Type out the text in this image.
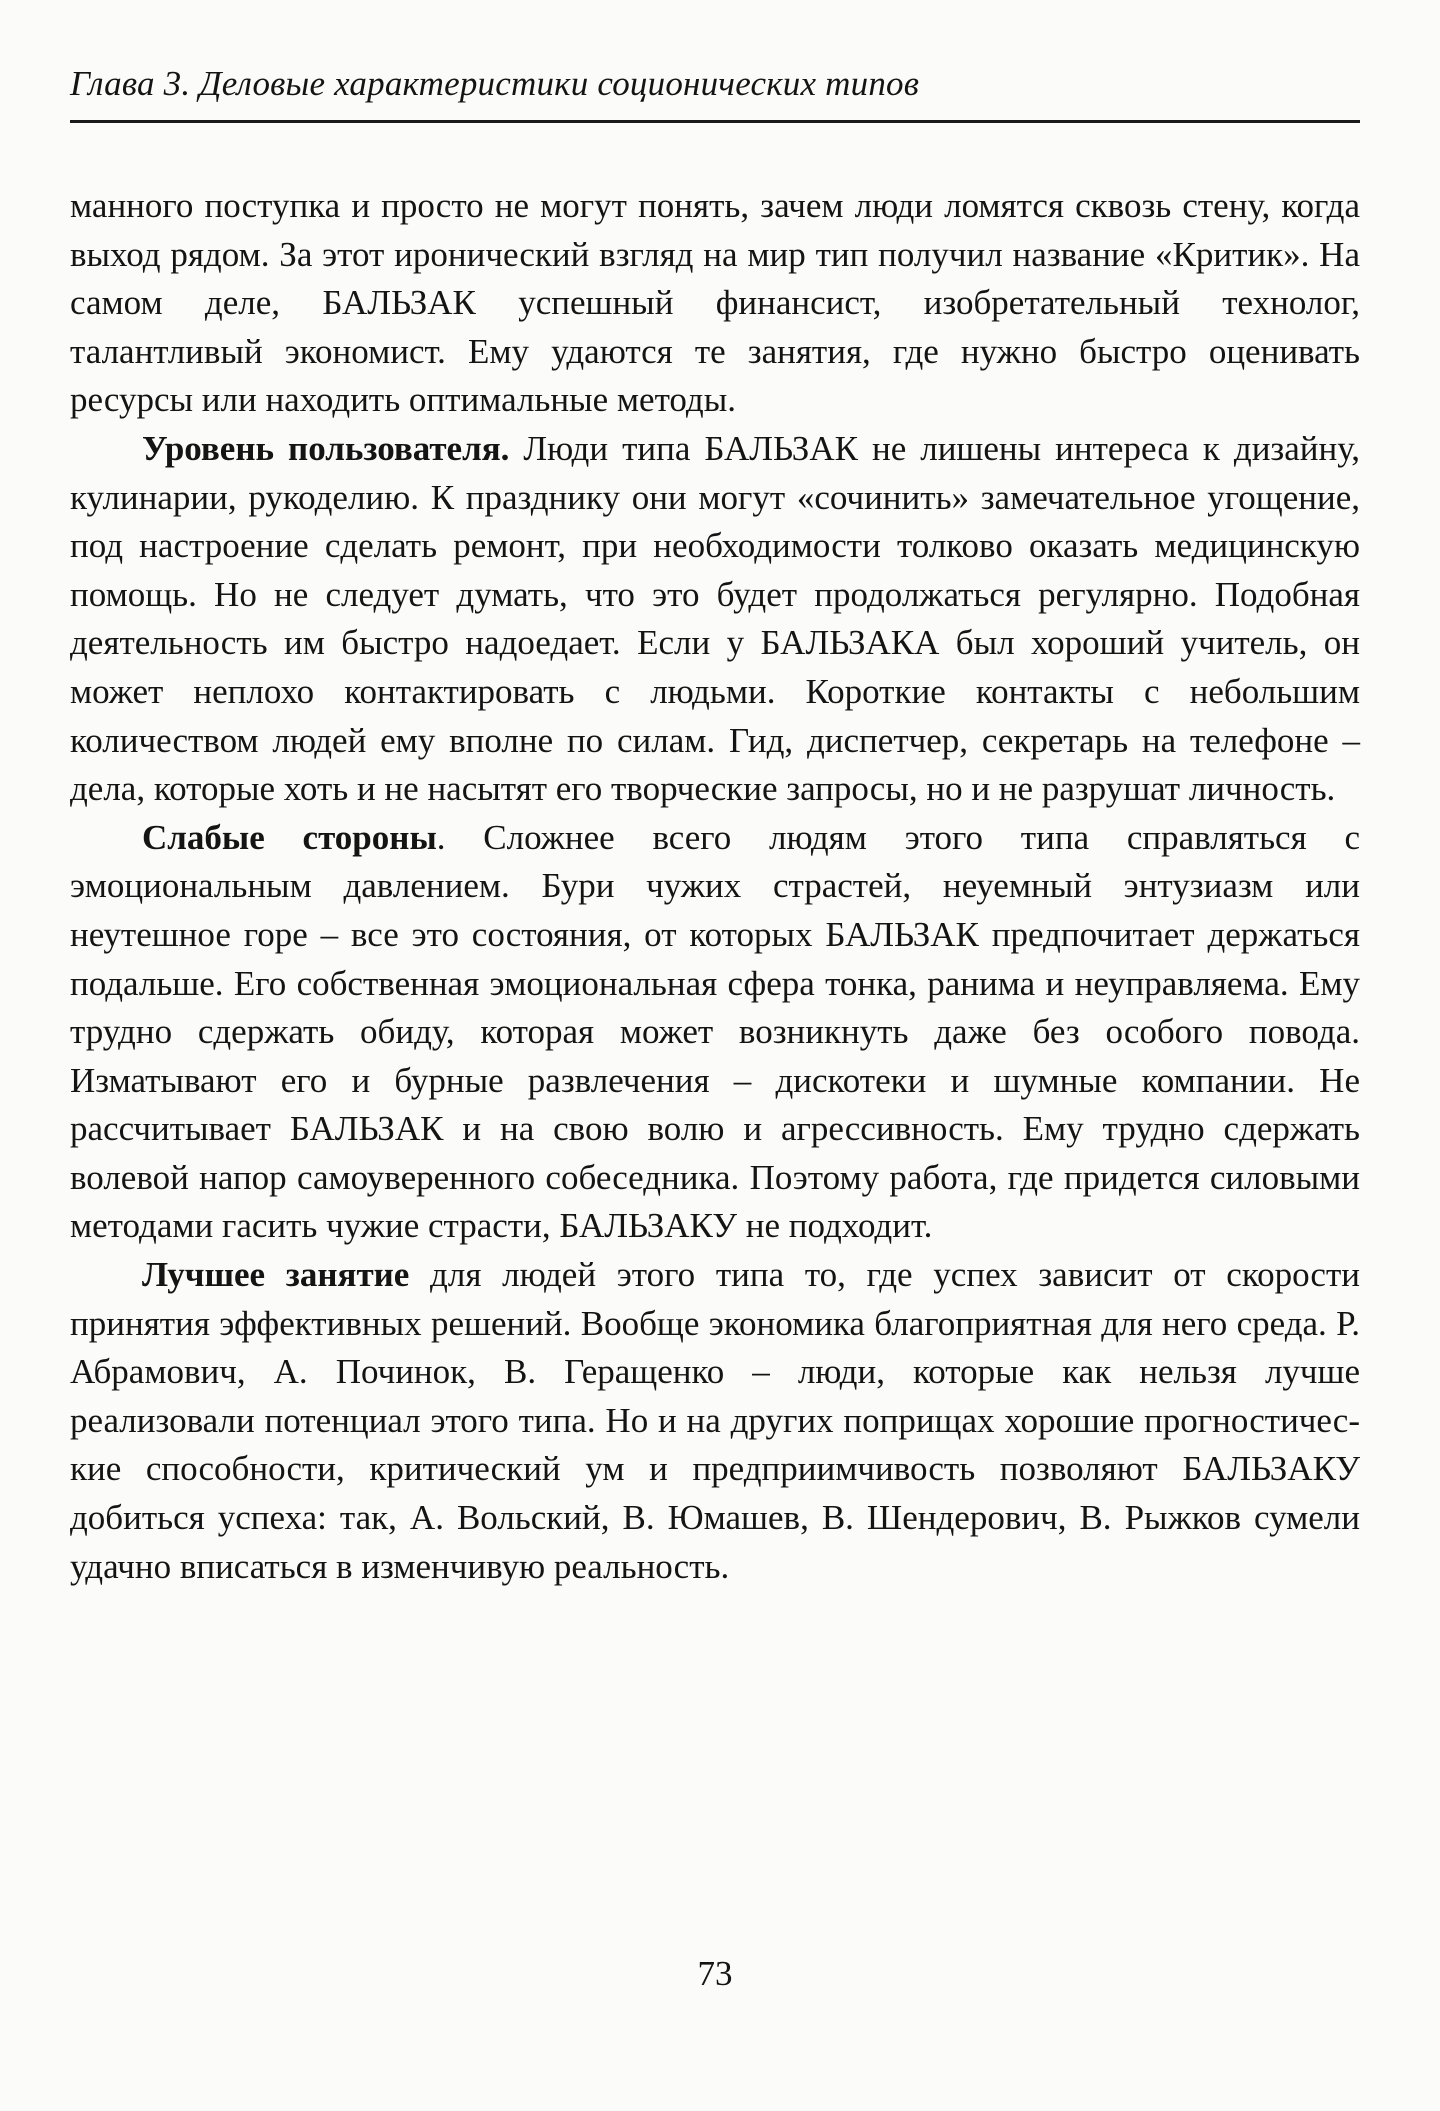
Глава 3. Деловые характеристики соционических типов

манного поступка и просто не могут понять, зачем люди ломятся сквозь стену, когда выход рядом. За этот иронический взгляд на мир тип получил название «Критик». На самом деле, БАЛЬЗАК успешный финансист, изобретательный технолог, талантливый экономист. Ему удаются те занятия, где нужно быстро оценивать ресурсы или находить оптимальные методы.

Уровень пользователя. Люди типа БАЛЬЗАК не лишены интереса к дизайну, кулинарии, рукоделию. К празднику они могут «сочинить» замечательное угощение, под настроение сделать ремонт, при необходимости толково оказать медицинскую помощь. Но не следует думать, что это будет продолжаться регулярно. Подобная деятельность им быстро надоедает. Если у БАЛЬЗАКА был хороший учитель, он может неплохо контактировать с людьми. Короткие контакты с небольшим количеством людей ему вполне по силам. Гид, диспетчер, секретарь на телефоне – дела, которые хоть и не насытят его творческие запросы, но и не разрушат личность.

Слабые стороны. Сложнее всего людям этого типа справляться с эмоциональным давлением. Бури чужих страстей, неуемный энтузиазм или неутешное горе – все это состояния, от которых БАЛЬЗАК предпочитает держаться подальше. Его собственная эмоциональная сфера тонка, ранима и неуправляема. Ему трудно сдержать обиду, которая может возникнуть даже без особого повода. Изматывают его и бурные развлечения – дискотеки и шумные компании. Не рассчитывает БАЛЬЗАК и на свою волю и агрессивность. Ему трудно сдержать волевой напор самоуверенного собеседника. Поэтому работа, где придется силовыми методами гасить чужие страсти, БАЛЬЗАКУ не подходит.

Лучшее занятие для людей этого типа то, где успех зависит от скорости принятия эффективных решений. Вообще экономика благоприятная для него среда. Р. Абрамович, А. Починок, В. Геращенко – люди, которые как нельзя лучше реализовали потенциал этого типа. Но и на других поприщах хорошие прогностические способности, критический ум и предприимчивость позволяют БАЛЬЗАКУ добиться успеха: так, А. Вольский, В. Юмашев, В. Шендерович, В. Рыжков сумели удачно вписаться в изменчивую реальность.

73
